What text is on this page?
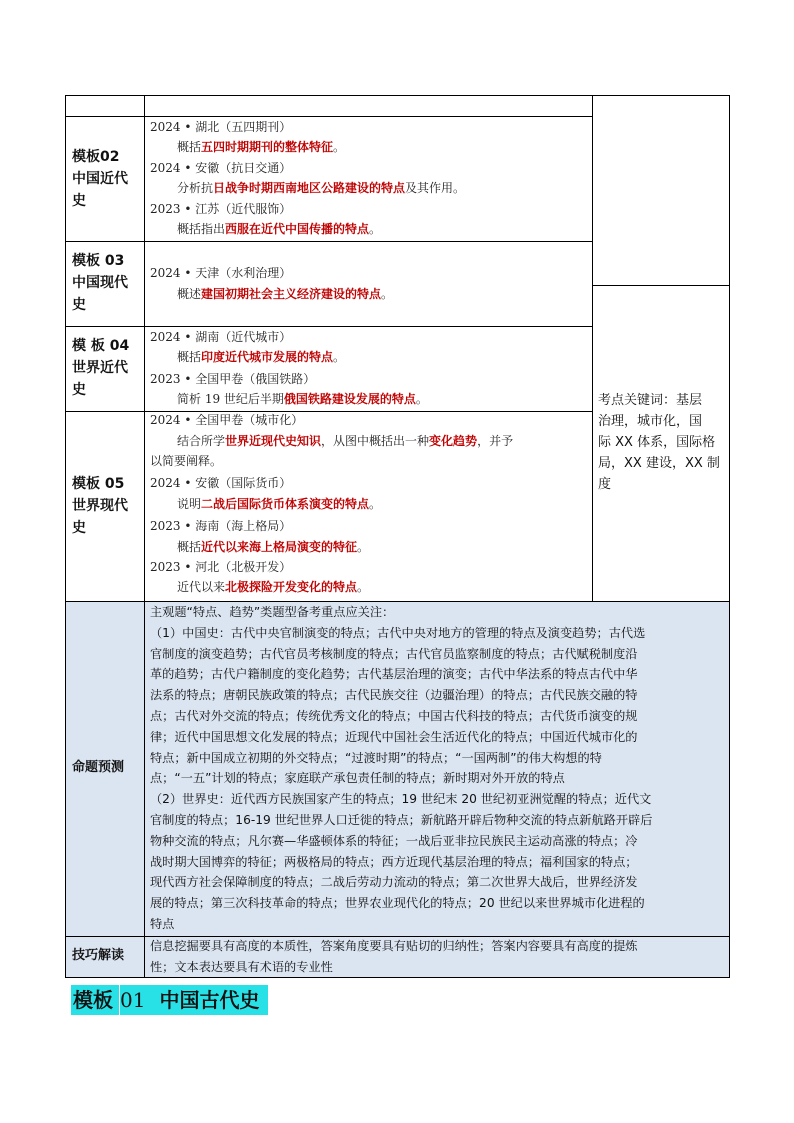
模板02
中国近代
史
2024 • 湖北（五四期刊）
概括五四时期期刊的整体特征。
2024 • 安徽（抗日交通）
分析抗日战争时期西南地区公路建设的特点及其作用。
2023 • 江苏（近代服饰）
概括指出西服在近代中国传播的特点。
模板 03
中国现代
史
2024 • 天津（水利治理）
概述建国初期社会主义经济建设的特点。
模 板 04
世界近代
史
2024 • 湖南（近代城市）
概括印度近代城市发展的特点。
2023 • 全国甲卷（俄国铁路）
简析 19 世纪后半期俄国铁路建设发展的特点。
模板 05
世界现代
史
2024 • 全国甲卷（城市化）
结合所学世界近现代史知识，从图中概括出一种变化趋势，并予
以简要阐释。
2024 • 安徽（国际货币）
说明二战后国际货币体系演变的特点。
2023 • 海南（海上格局）
概括近代以来海上格局演变的特征。
2023 • 河北（北极开发）
近代以来北极探险开发变化的特点。
考点关键词：基层
治理，城市化，国
际 XX 体系，国际格
局，XX 建设，XX 制
度
命题预测

主观题“特点、趋势”类题型备考重点应关注：

（1）中国史：古代中央官制演变的特点；古代中央对地方的管理的特点及演变趋势；古代选

官制度的演变趋势；古代官员考核制度的特点；古代官员监察制度的特点；古代赋税制度沿

革的趋势；古代户籍制度的变化趋势；古代基层治理的演变；古代中华法系的特点古代中华

法系的特点；唐朝民族政策的特点；古代民族交往（边疆治理）的特点；古代民族交融的特

点；古代对外交流的特点；传统优秀文化的特点；中国古代科技的特点；古代货币演变的规

律；近代中国思想文化发展的特点；近现代中国社会生活近代化的特点；中国近代城市化的

特点；新中国成立初期的外交特点；“过渡时期”的特点；“一国两制”的伟大构想的特

点；“一五”计划的特点；家庭联产承包责任制的特点；新时期对外开放的特点

（2）世界史：近代西方民族国家产生的特点；19 世纪末 20 世纪初亚洲觉醒的特点；近代文

官制度的特点；16-19 世纪世界人口迁徙的特点；新航路开辟后物种交流的特点新航路开辟后

物种交流的特点；凡尔赛—华盛顿体系的特征；一战后亚非拉民族民主运动高涨的特点；冷

战时期大国博弈的特征；两极格局的特点；西方近现代基层治理的特点；福利国家的特点；

现代西方社会保障制度的特点；二战后劳动力流动的特点；第二次世界大战后，世界经济发

展的特点；第三次科技革命的特点；世界农业现代化的特点；20 世纪以来世界城市化进程的

特点

技巧解读

信息挖掘要具有高度的本质性，答案角度要具有贴切的归纳性；答案内容要具有高度的提炼

性；文本表达要具有术语的专业性

模板 01 中国古代史
